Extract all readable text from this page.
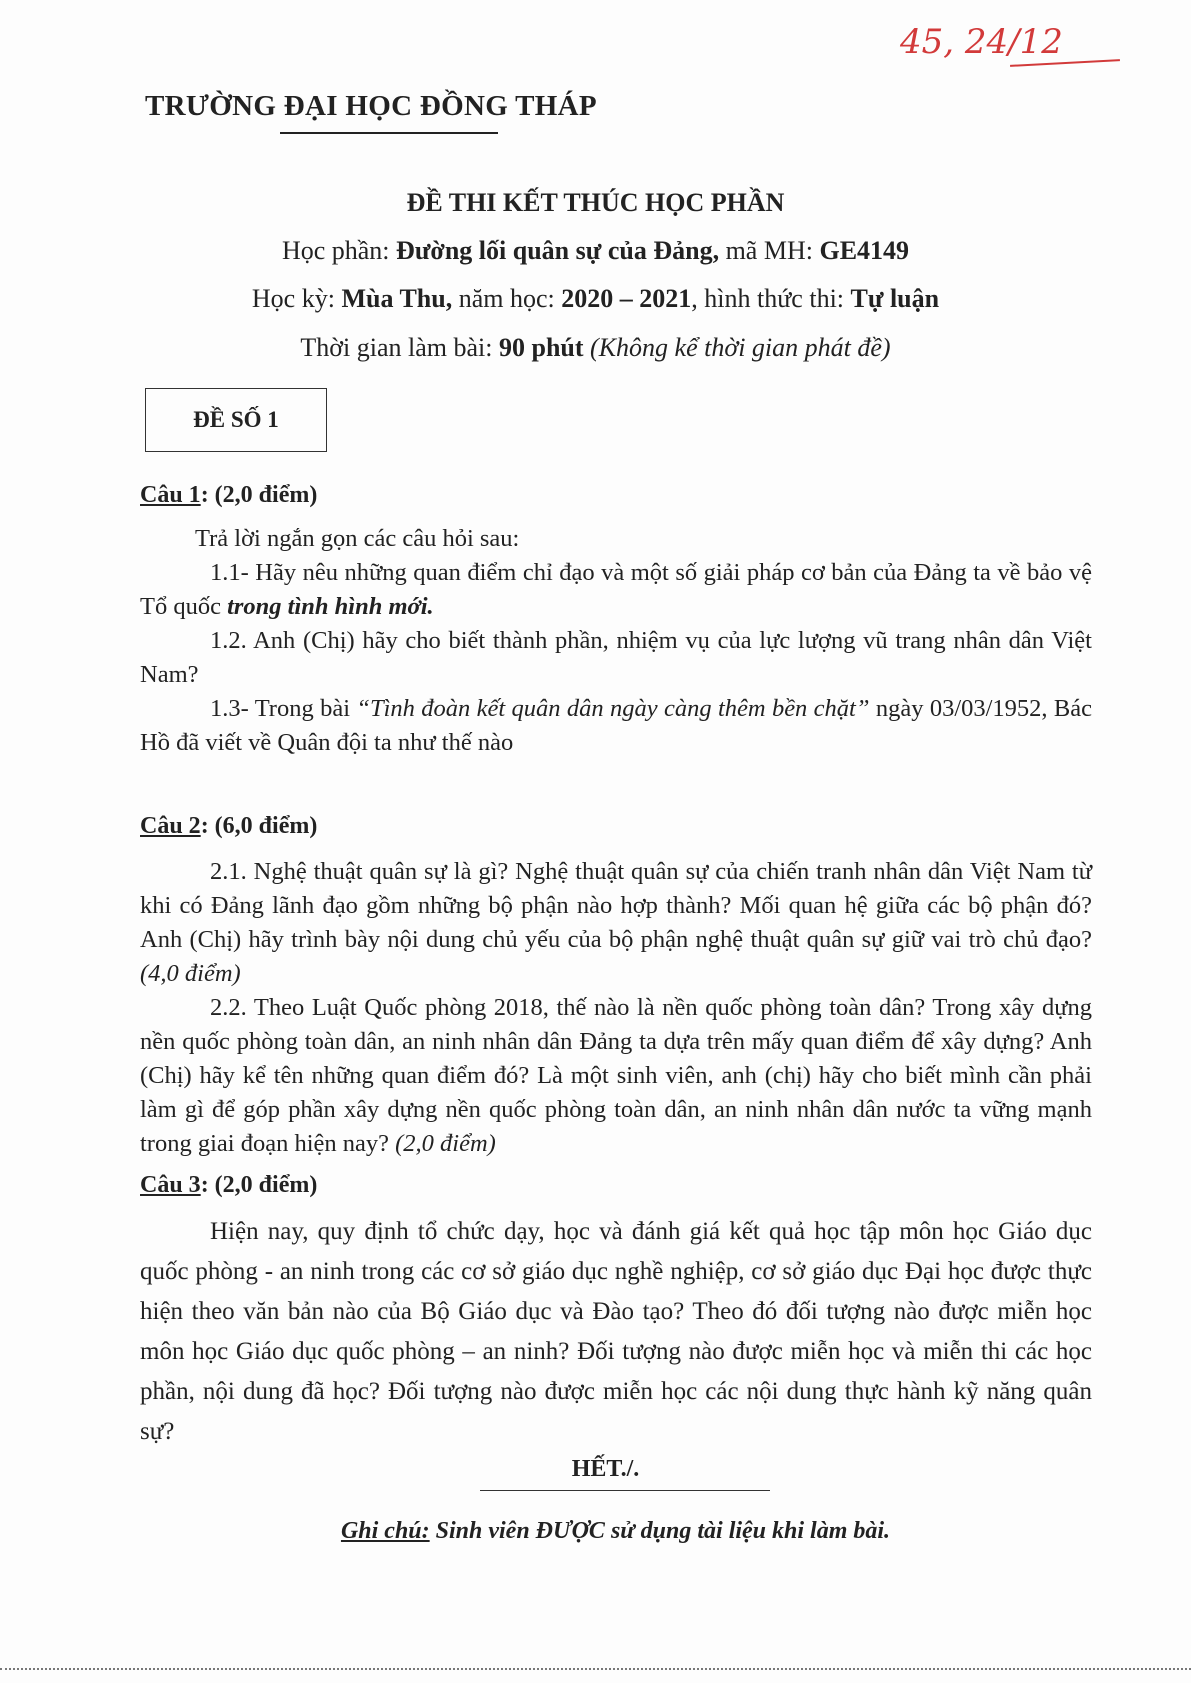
45, 24/12
TRƯỜNG ĐẠI HỌC ĐỒNG THÁP
ĐỀ THI KẾT THÚC HỌC PHẦN
Học phần: Đường lối quân sự của Đảng, mã MH: GE4149
Học kỳ: Mùa Thu, năm học: 2020 – 2021, hình thức thi: Tự luận
Thời gian làm bài: 90 phút (Không kể thời gian phát đề)
ĐỀ SỐ 1
Câu 1: (2,0 điểm)

Trả lời ngắn gọn các câu hỏi sau:

1.1- Hãy nêu những quan điểm chỉ đạo và một số giải pháp cơ bản của Đảng ta về bảo vệ Tổ quốc trong tình hình mới.

1.2. Anh (Chị) hãy cho biết thành phần, nhiệm vụ của lực lượng vũ trang nhân dân Việt Nam?

1.3- Trong bài “Tình đoàn kết quân dân ngày càng thêm bền chặt” ngày 03/03/1952, Bác Hồ đã viết về Quân đội ta như thế nào

Câu 2: (6,0 điểm)

2.1. Nghệ thuật quân sự là gì? Nghệ thuật quân sự của chiến tranh nhân dân Việt Nam từ khi có Đảng lãnh đạo gồm những bộ phận nào hợp thành? Mối quan hệ giữa các bộ phận đó? Anh (Chị) hãy trình bày nội dung chủ yếu của bộ phận nghệ thuật quân sự giữ vai trò chủ đạo? (4,0 điểm)

2.2. Theo Luật Quốc phòng 2018, thế nào là nền quốc phòng toàn dân? Trong xây dựng nền quốc phòng toàn dân, an ninh nhân dân Đảng ta dựa trên mấy quan điểm để xây dựng? Anh (Chị) hãy kể tên những quan điểm đó? Là một sinh viên, anh (chị) hãy cho biết mình cần phải làm gì để góp phần xây dựng nền quốc phòng toàn dân, an ninh nhân dân nước ta vững mạnh trong giai đoạn hiện nay? (2,0 điểm)

Câu 3: (2,0 điểm)

Hiện nay, quy định tổ chức dạy, học và đánh giá kết quả học tập môn học Giáo dục quốc phòng - an ninh trong các cơ sở giáo dục nghề nghiệp, cơ sở giáo dục Đại học được thực hiện theo văn bản nào của Bộ Giáo dục và Đào tạo? Theo đó đối tượng nào được miễn học môn học Giáo dục quốc phòng – an ninh? Đối tượng nào được miễn học và miễn thi các học phần, nội dung đã học? Đối tượng nào được miễn học các nội dung thực hành kỹ năng quân sự?

HẾT./.
Ghi chú: Sinh viên ĐƯỢC sử dụng tài liệu khi làm bài.
